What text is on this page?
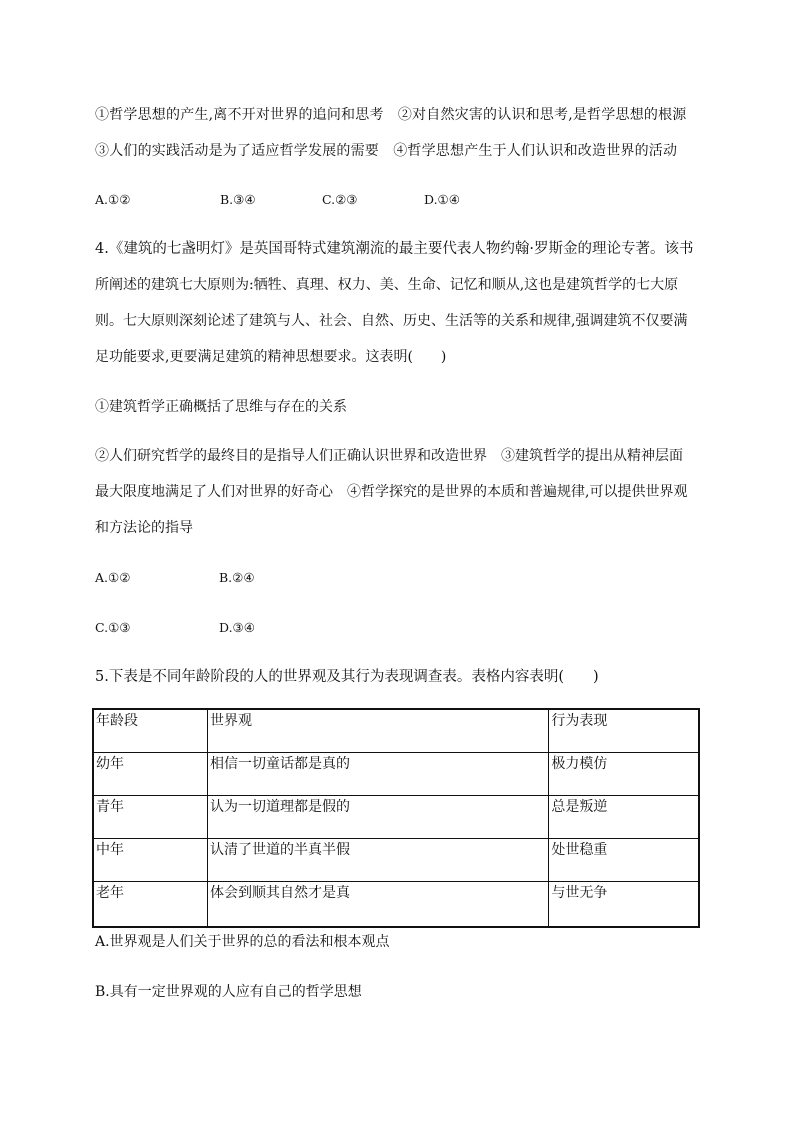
①哲学思想的产生,离不开对世界的追问和思考　②对自然灾害的认识和思考,是哲学思想的根源
③人们的实践活动是为了适应哲学发展的需要　④哲学思想产生于人们认识和改造世界的活动
A.①②	B.③④	C.②③	D.①④
4.《建筑的七盏明灯》是英国哥特式建筑潮流的最主要代表人物约翰·罗斯金的理论专著。该书
所阐述的建筑七大原则为:牺牲、真理、权力、美、生命、记忆和顺从,这也是建筑哲学的七大原
则。七大原则深刻论述了建筑与人、社会、自然、历史、生活等的关系和规律,强调建筑不仅要满
足功能要求,更要满足建筑的精神思想要求。这表明(　　)
①建筑哲学正确概括了思维与存在的关系
②人们研究哲学的最终目的是指导人们正确认识世界和改造世界　③建筑哲学的提出从精神层面
最大限度地满足了人们对世界的好奇心　④哲学探究的是世界的本质和普遍规律,可以提供世界观
和方法论的指导
A.①②	B.②④
C.①③	D.③④
5.下表是不同年龄阶段的人的世界观及其行为表现调查表。表格内容表明(　　)
年龄段	世界观	行为表现
幼年	相信一切童话都是真的	极力模仿
青年	认为一切道理都是假的	总是叛逆
中年	认清了世道的半真半假	处世稳重
老年	体会到顺其自然才是真	与世无争
A.世界观是人们关于世界的总的看法和根本观点
B.具有一定世界观的人应有自己的哲学思想
